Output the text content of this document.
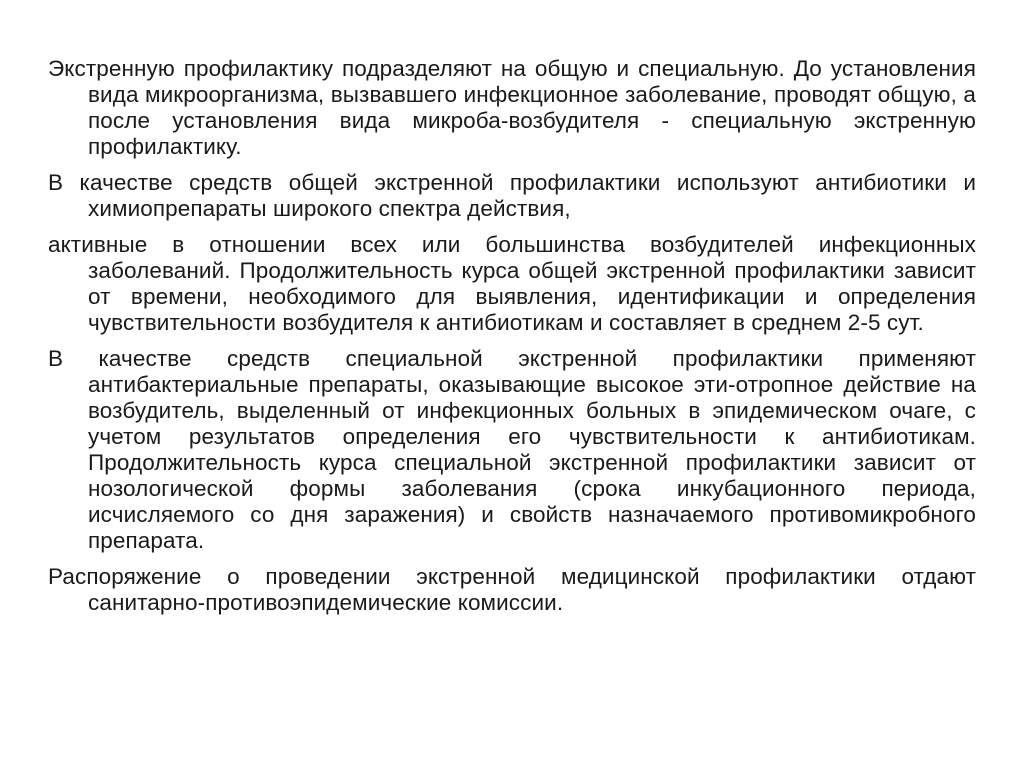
Экстренную профилактику подразделяют на общую и специальную. До установления вида микроорганизма, вызвавшего инфекционное заболевание, проводят общую, а после установления вида микроба-возбудителя - специальную экстренную профилактику.

В качестве средств общей экстренной профилактики используют антибиотики и химиопрепараты широкого спектра действия,

активные в отношении всех или большинства возбудителей инфекционных заболеваний. Продолжительность курса общей экстренной профилактики зависит от времени, необходимого для выявления, идентификации и определения чувствительности возбудителя к антибиотикам и составляет в среднем 2-5 сут.

В качестве средств специальной экстренной профилактики применяют антибактериальные препараты, оказывающие высокое эти-отропное действие на возбудитель, выделенный от инфекционных больных в эпидемическом очаге, с учетом результатов определения его чувствительности к антибиотикам. Продолжительность курса специальной экстренной профилактики зависит от нозологической формы заболевания (срока инкубационного периода, исчисляемого со дня заражения) и свойств назначаемого противомикробного препарата.

Распоряжение о проведении экстренной медицинской профилактики отдают санитарно-противоэпидемические комиссии.
